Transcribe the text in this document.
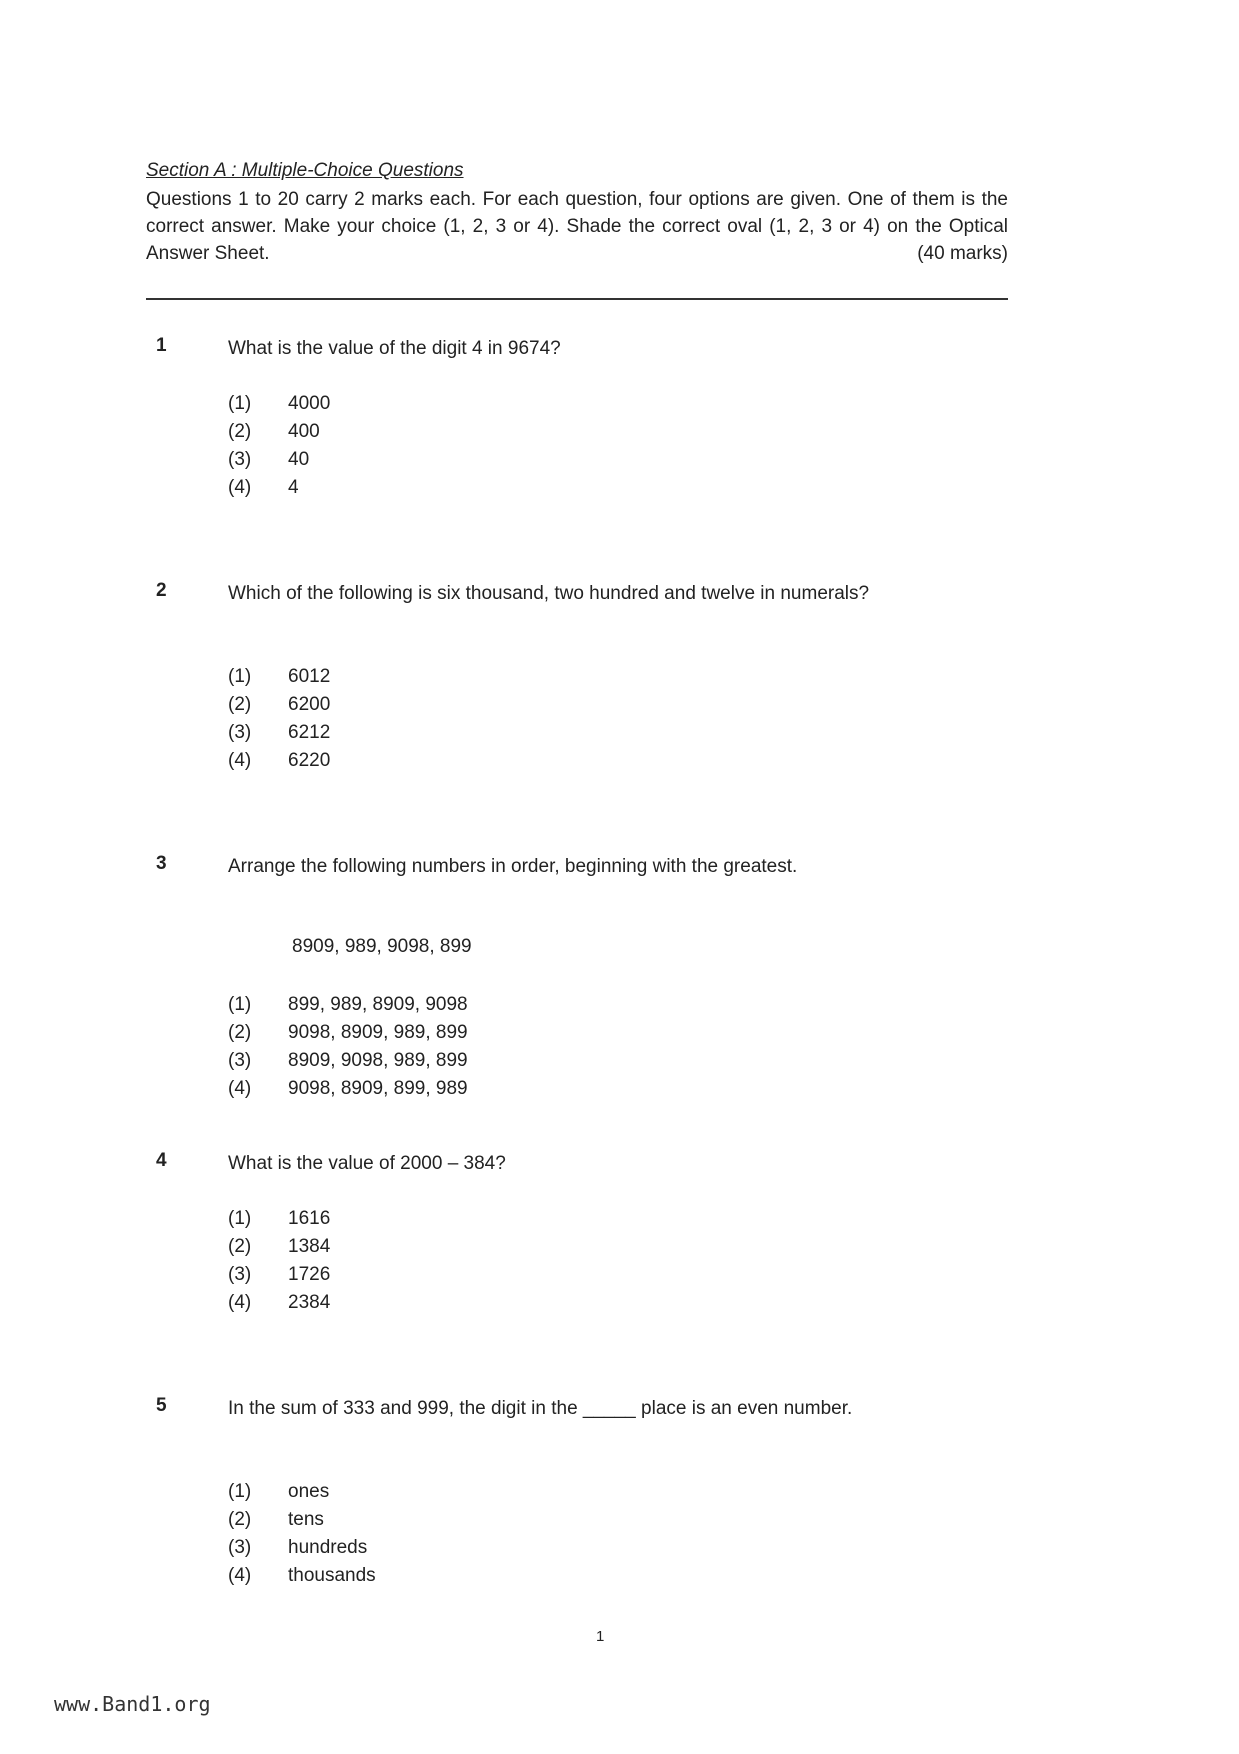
Section A : Multiple-Choice Questions
Questions 1 to 20 carry 2 marks each. For each question, four options are given. One of them is the correct answer. Make your choice (1, 2, 3 or 4). Shade the correct oval (1, 2, 3 or 4) on the Optical Answer Sheet.	(40 marks)
1	What is the value of the digit 4 in 9674?
(1) 4000
(2) 400
(3) 40
(4) 4
2	Which of the following is six thousand, two hundred and twelve in numerals?
(1) 6012
(2) 6200
(3) 6212
(4) 6220
3	Arrange the following numbers in order, beginning with the greatest.
8909, 989, 9098, 899
(1) 899, 989, 8909, 9098
(2) 9098, 8909, 989, 899
(3) 8909, 9098, 989, 899
(4) 9098, 8909, 899, 989
4	What is the value of 2000 – 384?
(1) 1616
(2) 1384
(3) 1726
(4) 2384
5	In the sum of 333 and 999, the digit in the _____ place is an even number.
(1) ones
(2) tens
(3) hundreds
(4) thousands
1
www.Band1.org
